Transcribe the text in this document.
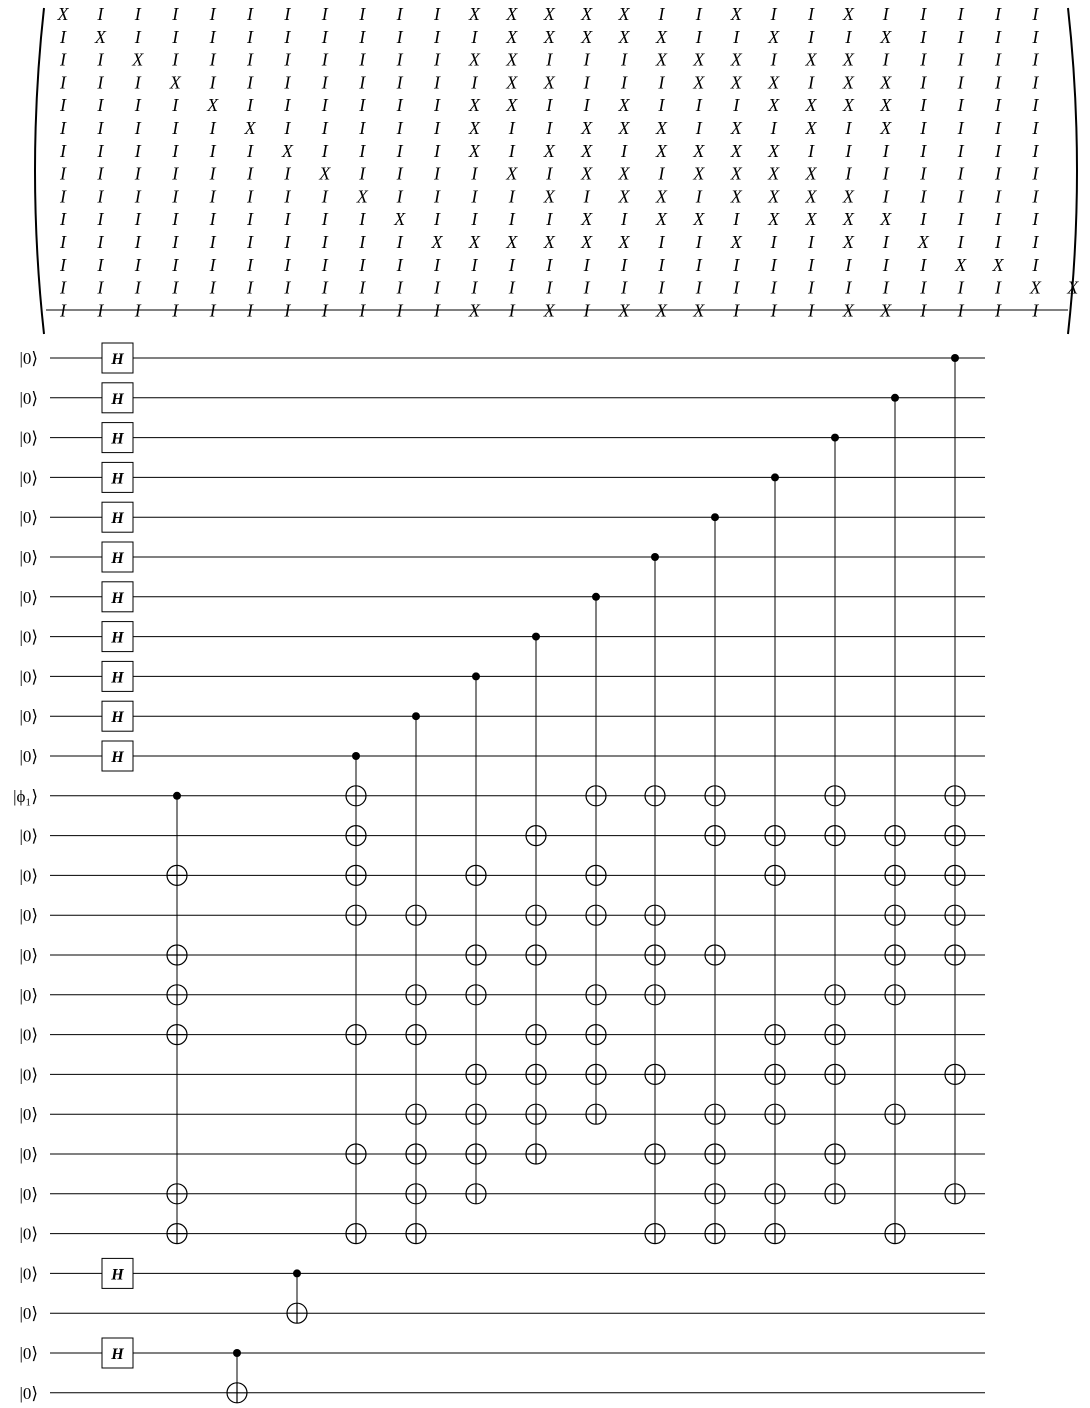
X I I I I I I I I I I X X X X X I I X I I X I I I I I
I X I I I I I I I I I I X X X X X I I X I I X I I I I
I I X I I I I I I I I X X I I I X X X I X X I I I I I
I I I X I I I I I I I I X X I I I X X X I X X I I I I
I I I I X I I I I I I X X I I X I I I X X X X I I I I
I I I I I X I I I I I X I I X X X I X I X I X I I I I
I I I I I I X I I I I X I X X I X X X X I I I I I I I
I I I I I I I X I I I I X I X X I X X X X I I I I I I
I I I I I I I I X I I I I X I X X I X X X X I I I I I
I I I I I I I I I X I I I I X I X X I X X X X I I I I
I I I I I I I I I I X X X X X X I I X I I X I X I I I
I I I I I I I I I I I I I I I I I I I I I I I I X X I
I I I I I I I I I I I I I I I I I I I I I I I I I I X X
I I I I I I I I I I I X I X I X X X I I I X X I I I I
|0⟩
|0⟩
|0⟩
|0⟩
|0⟩
|0⟩
|0⟩
|0⟩
|0⟩
|0⟩
|0⟩
|ϕ₁⟩
|0⟩
|0⟩
|0⟩
|0⟩
|0⟩
|0⟩
|0⟩
|0⟩
|0⟩
|0⟩
|0⟩
|0⟩
|0⟩
|0⟩
|0⟩
H
H
H
H
H
H
H
H
H
H
H
H
H
